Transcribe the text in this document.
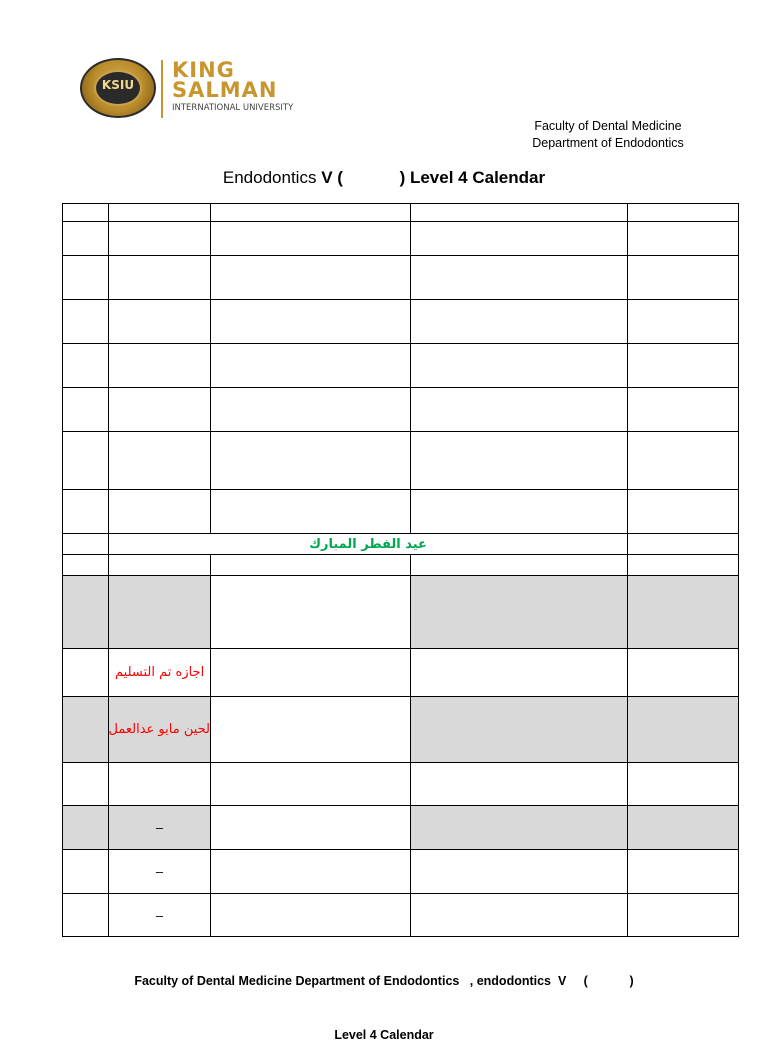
KSIU
KING
SALMAN
INTERNATIONAL UNIVERSITY
Faculty of Dental Medicine
Department of Endodontics
Endodontics V (            ) Level 4 Calendar

	عيد الفطر المبارك			

	اجازه تم التسليم			
	لحين مايو عدالعمل			

	–			
	–			
	–			

Faculty of Dental Medicine Department of Endodontics   , endodontics  V     (            )

Level 4 Calendar
